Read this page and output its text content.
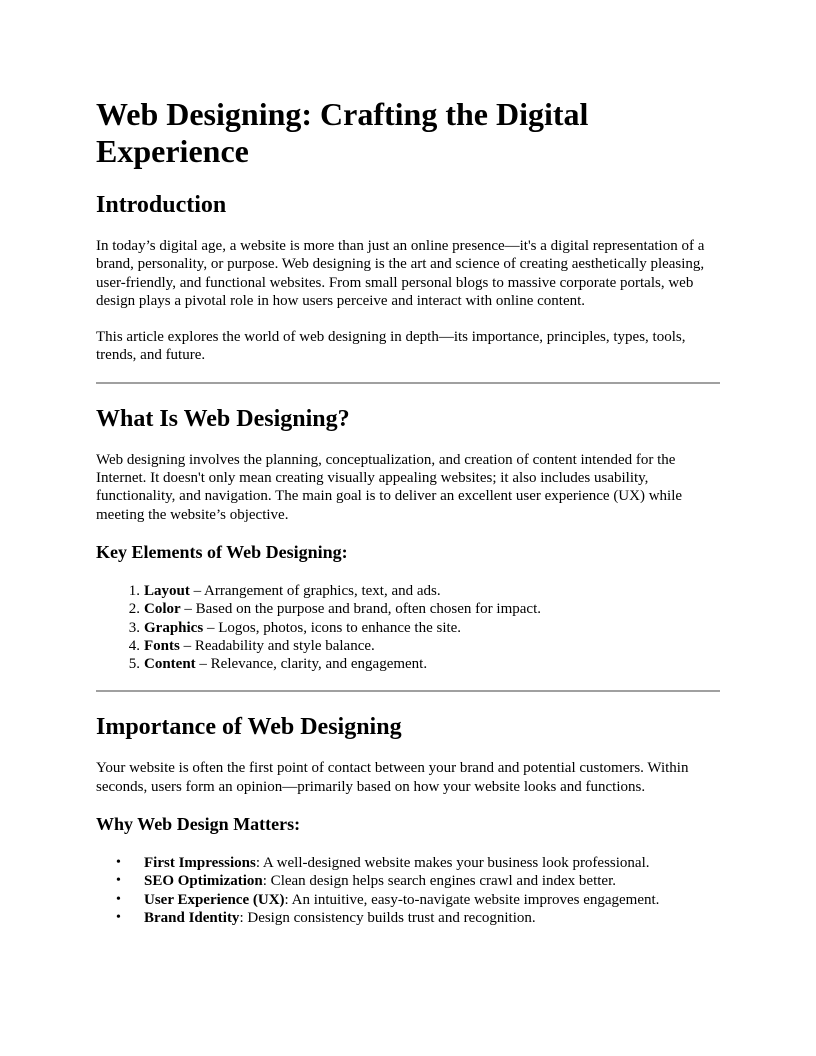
Web Designing: Crafting the Digital Experience
Introduction

In today’s digital age, a website is more than just an online presence—it's a digital representation of a brand, personality, or purpose. Web designing is the art and science of creating aesthetically pleasing, user-friendly, and functional websites. From small personal blogs to massive corporate portals, web design plays a pivotal role in how users perceive and interact with online content.

This article explores the world of web designing in depth—its importance, principles, types, tools, trends, and future.

What Is Web Designing?

Web designing involves the planning, conceptualization, and creation of content intended for the Internet. It doesn't only mean creating visually appealing websites; it also includes usability, functionality, and navigation. The main goal is to deliver an excellent user experience (UX) while meeting the website’s objective.

Key Elements of Web Designing:
1. Layout – Arrangement of graphics, text, and ads.
2. Color – Based on the purpose and brand, often chosen for impact.
3. Graphics – Logos, photos, icons to enhance the site.
4. Fonts – Readability and style balance.
5. Content – Relevance, clarity, and engagement.
Importance of Web Designing

Your website is often the first point of contact between your brand and potential customers. Within seconds, users form an opinion—primarily based on how your website looks and functions.

Why Web Design Matters:
• First Impressions: A well-designed website makes your business look professional.
• SEO Optimization: Clean design helps search engines crawl and index better.
• User Experience (UX): An intuitive, easy-to-navigate website improves engagement.
• Brand Identity: Design consistency builds trust and recognition.
